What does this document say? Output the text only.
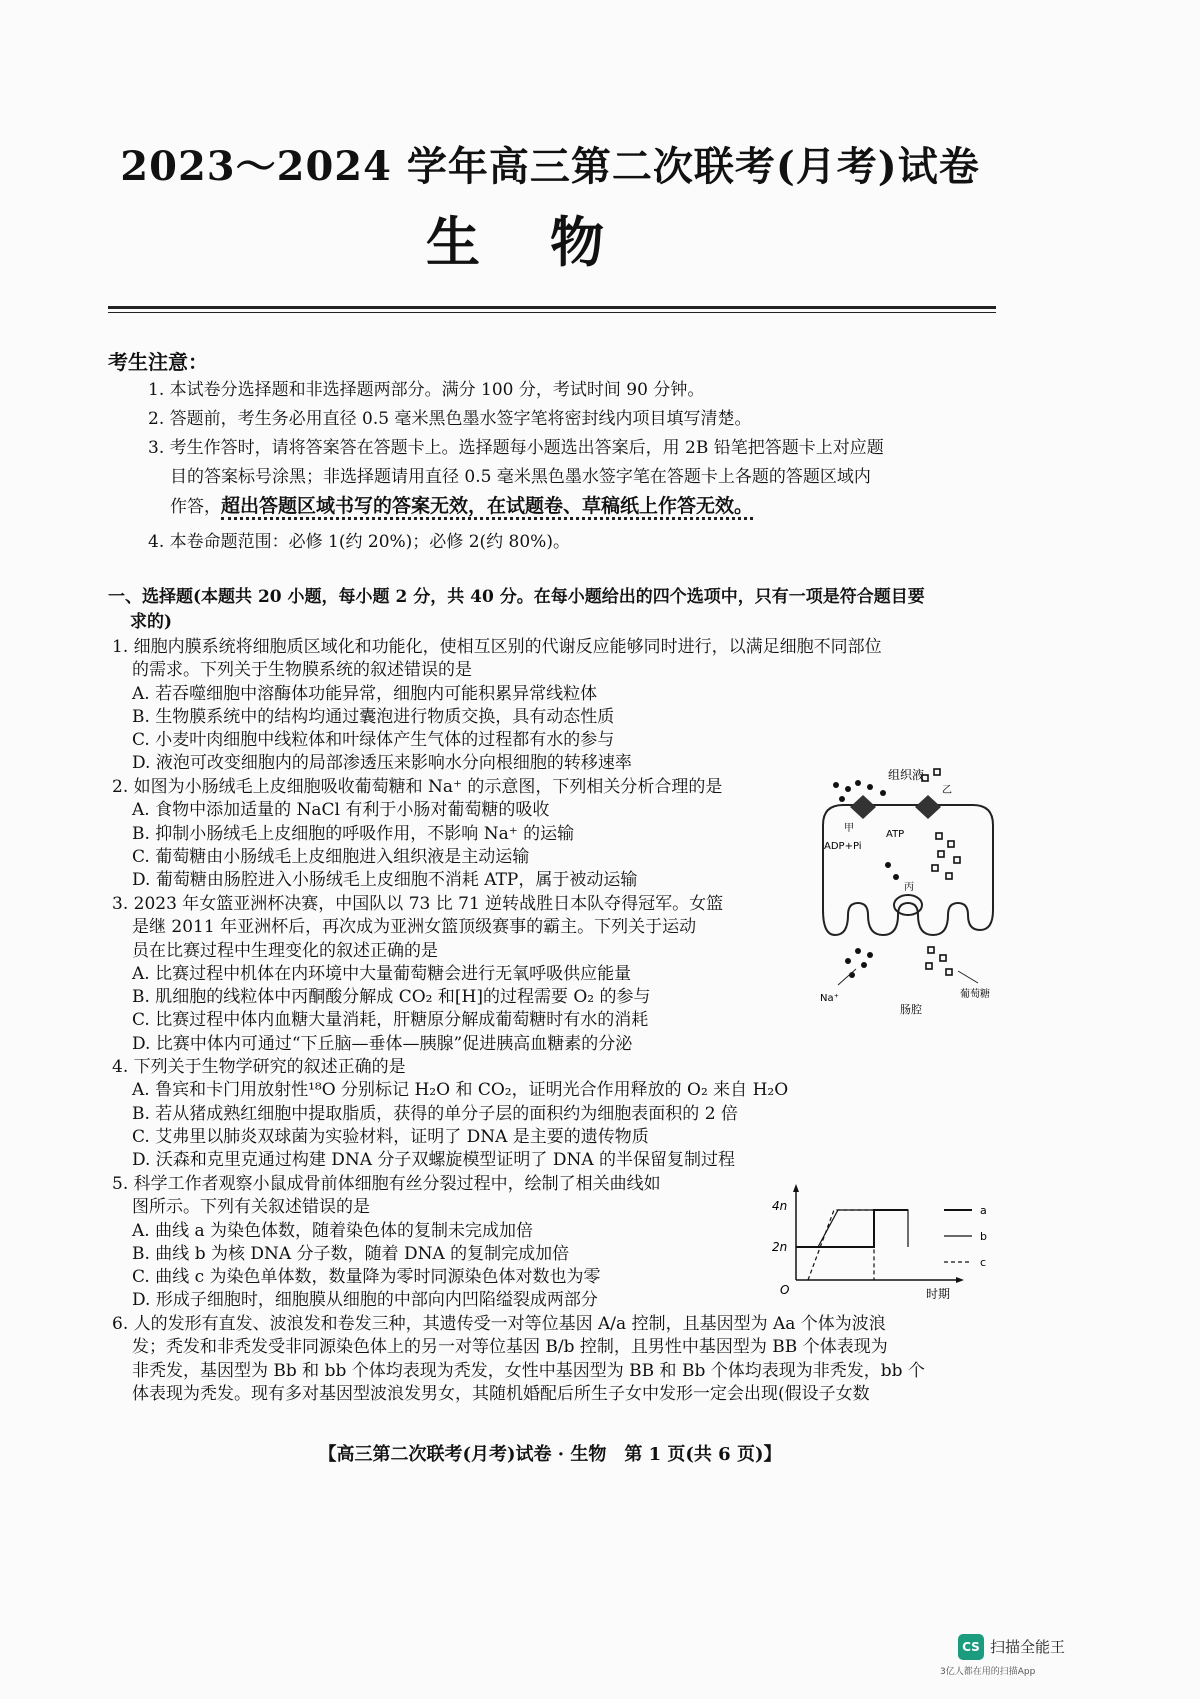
2023～2024 学年高三第二次联考(月考)试卷
生物
考生注意：

1. 本试卷分选择题和非选择题两部分。满分 100 分，考试时间 90 分钟。

2. 答题前，考生务必用直径 0.5 毫米黑色墨水签字笔将密封线内项目填写清楚。

3. 考生作答时，请将答案答在答题卡上。选择题每小题选出答案后，用 2B 铅笔把答题卡上对应题

目的答案标号涂黑；非选择题请用直径 0.5 毫米黑色墨水签字笔在答题卡上各题的答题区域内

作答，超出答题区域书写的答案无效，在试题卷、草稿纸上作答无效。

4. 本卷命题范围：必修 1(约 20%)；必修 2(约 80%)。

一、选择题(本题共 20 小题，每小题 2 分，共 40 分。在每小题给出的四个选项中，只有一项是符合题目要
求的)

1. 细胞内膜系统将细胞质区域化和功能化，使相互区别的代谢反应能够同时进行，以满足细胞不同部位

的需求。下列关于生物膜系统的叙述错误的是

A. 若吞噬细胞中溶酶体功能异常，细胞内可能积累异常线粒体

B. 生物膜系统中的结构均通过囊泡进行物质交换，具有动态性质

C. 小麦叶肉细胞中线粒体和叶绿体产生气体的过程都有水的参与

D. 液泡可改变细胞内的局部渗透压来影响水分向根细胞的转移速率

2. 如图为小肠绒毛上皮细胞吸收葡萄糖和 Na⁺ 的示意图，下列相关分析合理的是

A. 食物中添加适量的 NaCl 有利于小肠对葡萄糖的吸收

B. 抑制小肠绒毛上皮细胞的呼吸作用，不影响 Na⁺ 的运输

C. 葡萄糖由小肠绒毛上皮细胞进入组织液是主动运输

D. 葡萄糖由肠腔进入小肠绒毛上皮细胞不消耗 ATP，属于被动运输

3. 2023 年女篮亚洲杯决赛，中国队以 73 比 71 逆转战胜日本队夺得冠军。女篮

是继 2011 年亚洲杯后，再次成为亚洲女篮顶级赛事的霸主。下列关于运动

员在比赛过程中生理变化的叙述正确的是

A. 比赛过程中机体在内环境中大量葡萄糖会进行无氧呼吸供应能量

B. 肌细胞的线粒体中丙酮酸分解成 CO₂ 和[H]的过程需要 O₂ 的参与

C. 比赛过程中体内血糖大量消耗，肝糖原分解成葡萄糖时有水的消耗

D. 比赛中体内可通过“下丘脑—垂体—胰腺”促进胰高血糖素的分泌

4. 下列关于生物学研究的叙述正确的是

A. 鲁宾和卡门用放射性¹⁸O 分别标记 H₂O 和 CO₂，证明光合作用释放的 O₂ 来自 H₂O

B. 若从猪成熟红细胞中提取脂质，获得的单分子层的面积约为细胞表面积的 2 倍

C. 艾弗里以肺炎双球菌为实验材料，证明了 DNA 是主要的遗传物质

D. 沃森和克里克通过构建 DNA 分子双螺旋模型证明了 DNA 的半保留复制过程

5. 科学工作者观察小鼠成骨前体细胞有丝分裂过程中，绘制了相关曲线如

图所示。下列有关叙述错误的是

A. 曲线 a 为染色体数，随着染色体的复制未完成加倍

B. 曲线 b 为核 DNA 分子数，随着 DNA 的复制完成加倍

C. 曲线 c 为染色单体数，数量降为零时同源染色体对数也为零

D. 形成子细胞时，细胞膜从细胞的中部向内凹陷缢裂成两部分

6. 人的发形有直发、波浪发和卷发三种，其遗传受一对等位基因 A/a 控制，且基因型为 Aa 个体为波浪

发；秃发和非秃发受非同源染色体上的另一对等位基因 B/b 控制，且男性中基因型为 BB 个体表现为

非秃发，基因型为 Bb 和 bb 个体均表现为秃发，女性中基因型为 BB 和 Bb 个体均表现为非秃发，bb 个

体表现为秃发。现有多对基因型波浪发男女，其随机婚配后所生子女中发形一定会出现(假设子女数

组织液
甲
乙
ATP
ADP+Pi
丙
Na⁺	葡萄糖
肠腔
4n
2n
O	时期
a
b
c
【高三第二次联考(月考)试卷 · 生物　第 1 页(共 6 页)】
CS 扫描全能王
3亿人都在用的扫描App
